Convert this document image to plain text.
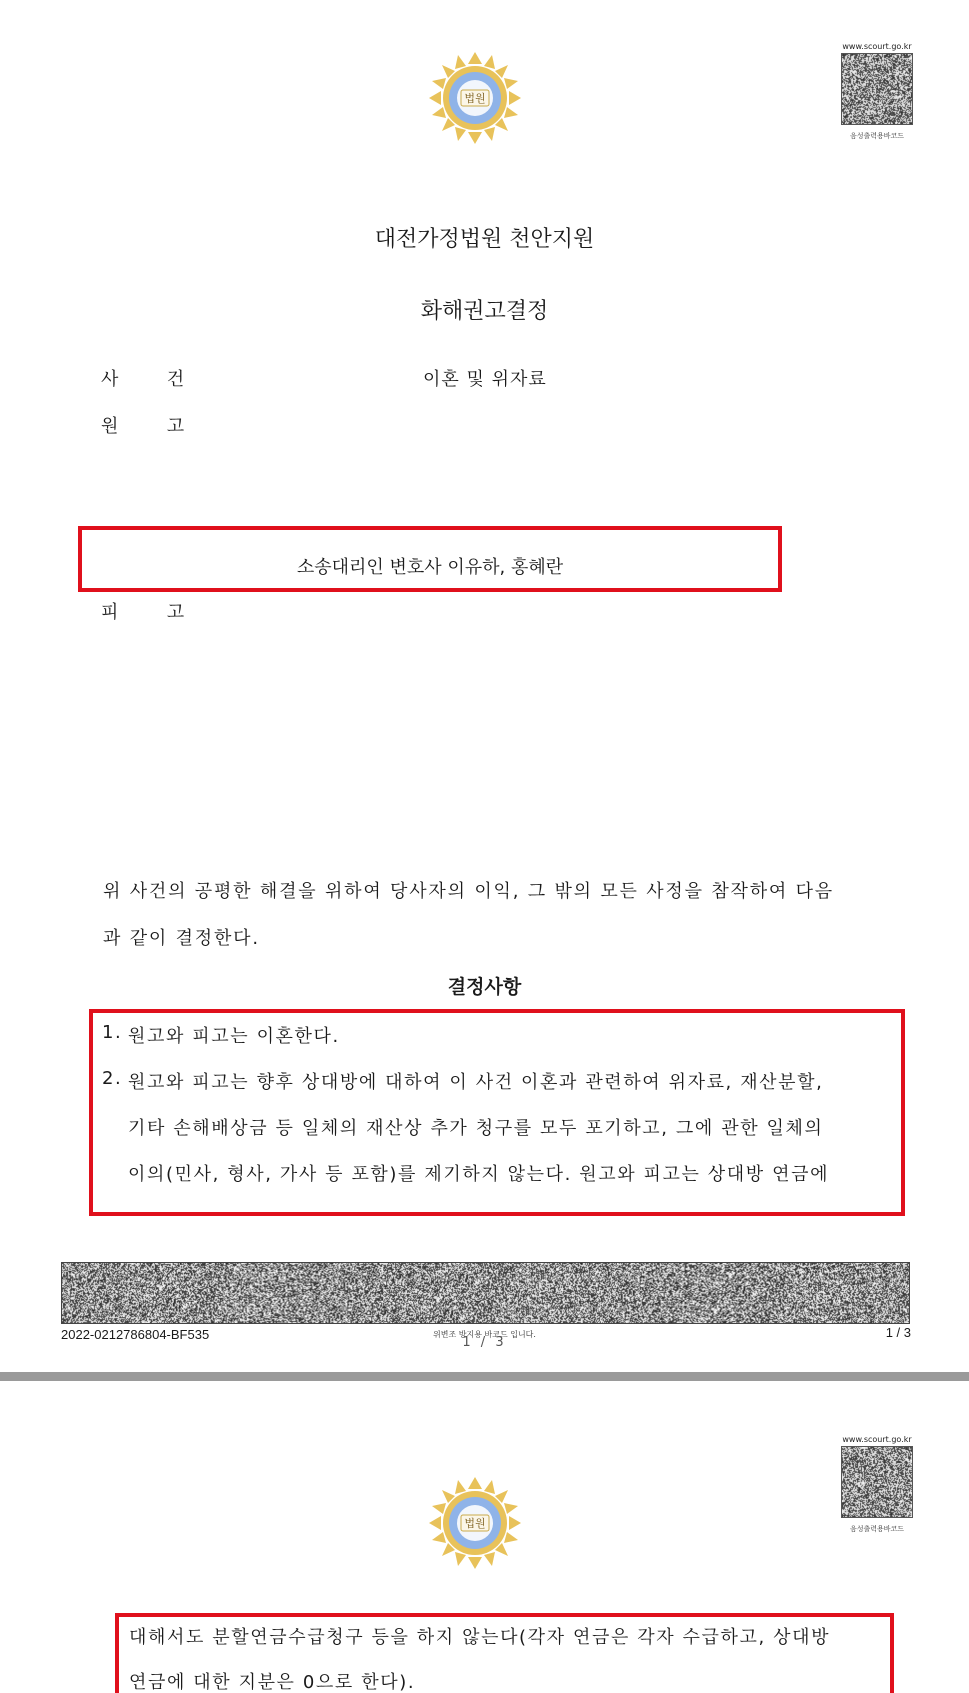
법원
www.scourt.go.kr
음성출력용바코드
대전가정법원 천안지원
화해권고결정
사      건	이혼 및 위자료
원      고
소송대리인 변호사 이유하, 홍혜란
피      고
위 사건의 공평한 해결을 위하여 당사자의 이익, 그 밖의 모든 사정을 참작하여 다음
과 같이 결정한다.
결정사항
1. 원고와 피고는 이혼한다.
2. 원고와 피고는 향후 상대방에 대하여 이 사건 이혼과 관련하여 위자료, 재산분할,
기타 손해배상금 등 일체의 재산상 추가 청구를 모두 포기하고, 그에 관한 일체의
이의(민사, 형사, 가사 등 포함)를 제기하지 않는다. 원고와 피고는 상대방 연금에
2022-0212786804-BF535	위변조 방지용 바코드 입니다.
1 / 3
1 / 3
법원
www.scourt.go.kr
음성출력용바코드
대해서도 분할연금수급청구 등을 하지 않는다(각자 연금은 각자 수급하고, 상대방
연금에 대한 지분은 0으로 한다).
